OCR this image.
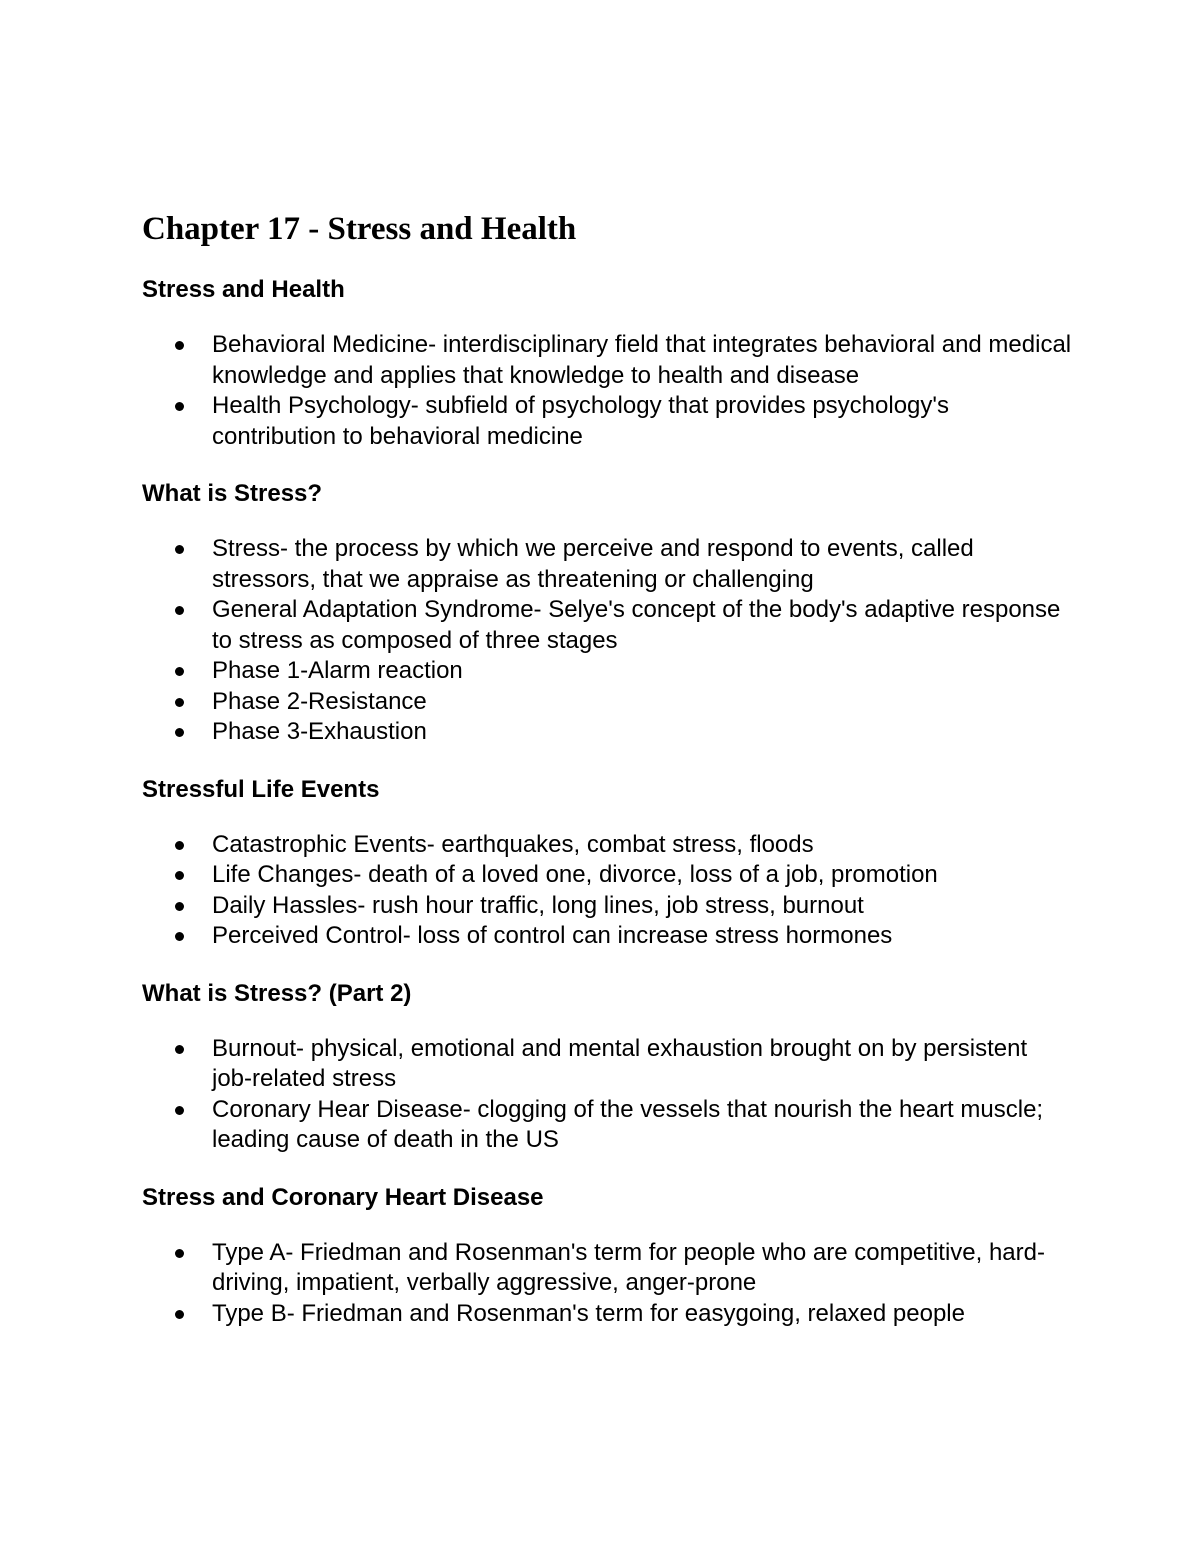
Chapter 17 - Stress and Health
Stress and Health
Behavioral Medicine- interdisciplinary field that integrates behavioral and medical knowledge and applies that knowledge to health and disease
Health Psychology- subfield of psychology that provides psychology's contribution to behavioral medicine
What is Stress?
Stress- the process by which we perceive and respond to events, called stressors, that we appraise as threatening or challenging
General Adaptation Syndrome- Selye's concept of the body's adaptive response to stress as composed of three stages
Phase 1-Alarm reaction
Phase 2-Resistance
Phase 3-Exhaustion
Stressful Life Events
Catastrophic Events- earthquakes, combat stress, floods
Life Changes- death of a loved one, divorce, loss of a job, promotion
Daily Hassles- rush hour traffic, long lines, job stress, burnout
Perceived Control- loss of control can increase stress hormones
What is Stress? (Part 2)
Burnout- physical, emotional and mental exhaustion brought on by persistent job-related stress
Coronary Hear Disease- clogging of the vessels that nourish the heart muscle; leading cause of death in the US
Stress and Coronary Heart Disease
Type A- Friedman and Rosenman's term for people who are competitive, hard-driving, impatient, verbally aggressive, anger-prone
Type B- Friedman and Rosenman's term for easygoing, relaxed people
